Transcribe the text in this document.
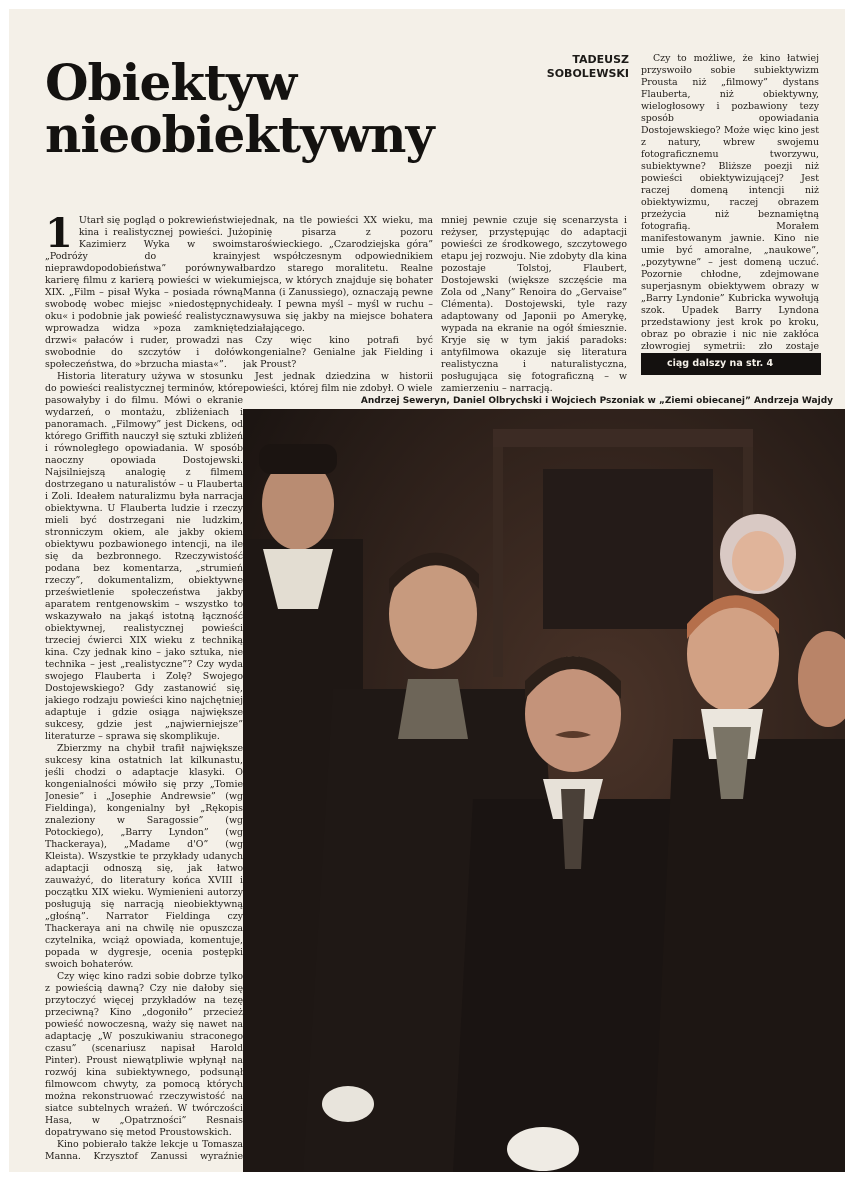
Obiektyw
nieobiektywny
TADEUSZ
SOBOLEWSKI
1 Utarł się pogląd o pokrewieństwie kina i realistycznej powieści. Już Kazimierz Wyka w swoim „Podróży do krainy nieprawdopodobieństwa” porównywał karierę filmu z karierą powieści w wieku XIX. „Film – pisał Wyka – posiada równą swobodę wobec miejsc »niedostępnych oku« i podobnie jak powieść realistyczna wprowadza widza »poza zamknięte drzwi« pałaców i ruder, prowadzi nas swobodnie do szczytów i dołów społeczeństwa, do »brzucha miasta«”.

Historia literatury używa w stosunku do powieści realistycznej terminów, które pasowałyby i do filmu. Mówi o ekranie wydarzeń, o montażu, zbliżeniach i panoramach. „Filmowy” jest Dickens, od którego Griffith nauczył się sztuki zbliżeń i równoległego opowiadania. W sposób naoczny opowiada Dostojewski. Najsilniejszą analogię z filmem dostrzegano u naturalistów – u Flauberta i Zoli. Ideałem naturalizmu była narracja obiektywna. U Flauberta ludzie i rzeczy mieli być dostrzegani nie ludzkim, stronniczym okiem, ale jakby okiem obiektywu pozbawionego intencji, na ile się da bezbronnego. Rzeczywistość podana bez komentarza, „strumień rzeczy”, dokumentalizm, obiektywne prześwietlenie społeczeństwa jakby aparatem rentgenowskim – wszystko to wskazywało na jakąś istotną łączność obiektywnej, realistycznej powieści trzeciej ćwierci XIX wieku z techniką kina. Czy jednak kino – jako sztuka, nie technika – jest „realistyczne”? Czy wyda swojego Flauberta i Zolę? Swojego Dostojewskiego? Gdy zastanowić się, jakiego rodzaju powieści kino najchętniej adaptuje i gdzie osiąga największe sukcesy, gdzie jest „najwierniejsze” literaturze – sprawa się skomplikuje.

Zbierzmy na chybił trafił największe sukcesy kina ostatnich lat kilkunastu, jeśli chodzi o adaptacje klasyki. O kongenialności mówiło się przy „Tomie Jonesie” i „Josephie Andrewsie” (wg Fieldinga), kongenialny był „Rękopis znaleziony w Saragossie” (wg Potockiego), „Barry Lyndon” (wg Thackeraya), „Madame d'O” (wg Kleista). Wszystkie te przykłady udanych adaptacji odnoszą się, jak łatwo zauważyć, do literatury końca XVIII i początku XIX wieku. Wymienieni autorzy posługują się narracją nieobiektywną „głośną”. Narrator Fieldinga czy Thackeraya ani na chwilę nie opuszcza czytelnika, wciąż opowiada, komentuje, popada w dygresje, ocenia postępki swoich bohaterów.

Czy więc kino radzi sobie dobrze tylko z powieścią dawną? Czy nie dałoby się przytoczyć więcej przykładów na tezę przeciwną? Kino „dogoniło” przecież powieść nowoczesną, waży się nawet na adaptację „W poszukiwaniu straconego czasu” (scenariusz napisał Harold Pinter). Proust niewątpliwie wpłynął na rozwój kina subiektywnego, podsunął filmowcom chwyty, za pomocą których można rekonstruować rzeczywistość na siatce subtelnych wrażeń. W twórczości Hasa, w „Opatrzności” Resnais dopatrywano się metod Proustowskich.

Kino pobierało także lekcje u Tomasza Manna. Krzysztof Zanussi wyraźnie

jednak, na tle powieści XX wieku, ma opinię pisarza z pozoru staroświeckiego. „Czarodziejska góra” jest współczesnym odpowiednikiem bardzo starego moralitetu. Realne miejsca, w których znajduje się bohater Manna (i Zanussiego), oznaczają pewne ideały. I pewna myśl – myśl w ruchu – wysuwa się jakby na miejsce bohatera działającego.

Czy więc kino potrafi być kongenialne? Genialne jak Fielding i jak Proust?

Jest jednak dziedzina w historii powieści, której film nie zdobył. O wiele

mniej pewnie czuje się scenarzysta i reżyser, przystępując do adaptacji powieści ze środkowego, szczytowego etapu jej rozwoju. Nie zdobyty dla kina pozostaje Tolstoj, Flaubert, Dostojewski (większe szczęście ma Zola od „Nany” Renoira do „Gervaise” Clémenta). Dostojewski, tyle razy adaptowany od Japonii po Amerykę, wypada na ekranie na ogół śmiesznie. Kryje się w tym jakiś paradoks: antyfilmowa okazuje się literatura realistyczna i naturalistyczna, posługująca się fotograficzną – w zamierzeniu – narracją.

Czy to możliwe, że kino łatwiej przyswoiło sobie subiektywizm Prousta niż „filmowy” dystans Flauberta, niż obiektywny, wielogłosowy i pozbawiony tezy sposób opowiadania Dostojewskiego? Może więc kino jest z natury, wbrew swojemu fotograficznemu tworzywu, subiektywne? Bliższe poezji niż powieści obiektywizującej? Jest raczej domeną intencji niż obiektywizmu, raczej obrazem przeżycia niż beznamiętną fotografią. Morałem manifestowanym jawnie. Kino nie umie być amoralne, „naukowe”, „pozytywne” – jest domeną uczuć. Pozornie chłodne, zdejmowane superjasnym obiektywem obrazy w „Barry Lyndonie” Kubricka wywołują szok. Upadek Barry Lyndona przedstawiony jest krok po kroku, obraz po obrazie i nic nie zakłóca złowrogiej symetrii: zło zostaje

ciąg dalszy na str. 4
Andrzej Seweryn, Daniel Olbrychski i Wojciech Pszoniak w „Ziemi obiecanej” Andrzeja Wajdy
